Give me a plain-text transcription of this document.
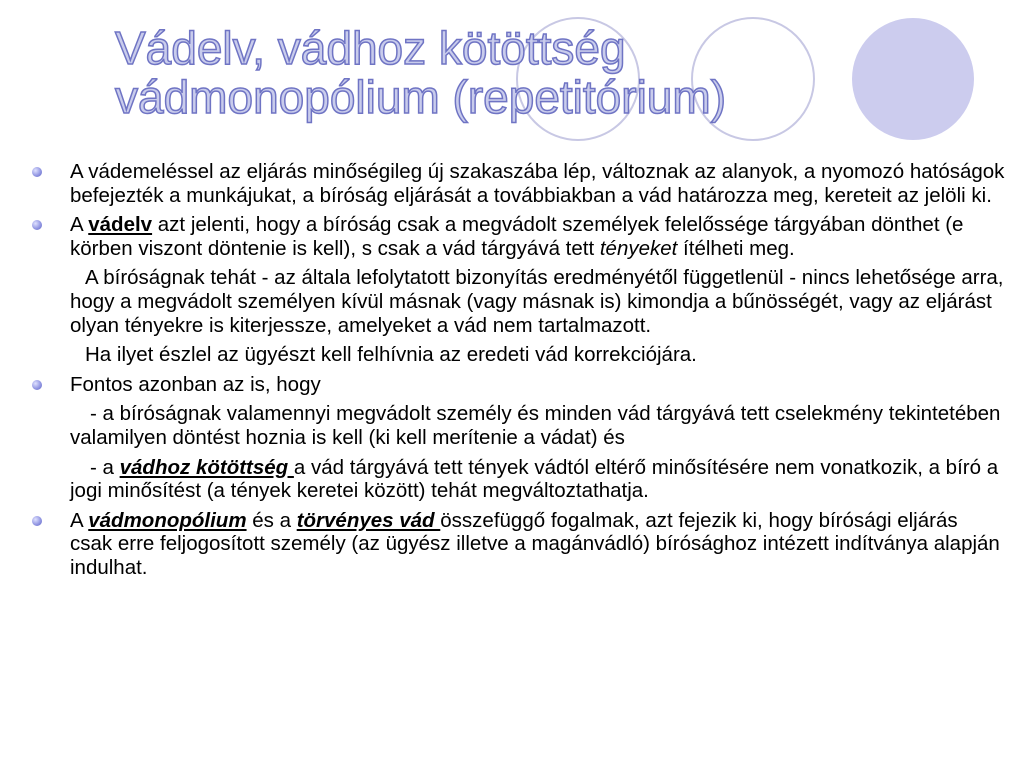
Vádelv, vádhoz kötöttség
vádmonopólium (repetitórium)

A vádemeléssel az eljárás minőségileg új szakaszába lép, változnak az alanyok, a nyomozó hatóságok befejezték a munkájukat, a bíróság eljárását a továbbiakban a vád határozza meg, kereteit az jelöli ki.

A vádelv azt jelenti, hogy a bíróság csak a megvádolt személyek felelőssége tárgyában dönthet (e körben viszont döntenie is kell), s csak a vád tárgyává tett tényeket ítélheti meg.

A bíróságnak tehát - az általa lefolytatott bizonyítás eredményétől függetlenül - nincs lehetősége arra, hogy a megvádolt személyen kívül másnak (vagy másnak is) kimondja a bűnösségét, vagy az eljárást olyan tényekre is kiterjessze, amelyeket a vád nem tartalmazott.

Ha ilyet észlel az ügyészt kell felhívnia az eredeti vád korrekciójára.

Fontos azonban az is, hogy

- a bíróságnak valamennyi megvádolt személy és minden vád tárgyává tett cselekmény tekintetében valamilyen döntést hoznia is kell (ki kell merítenie a vádat) és

- a vádhoz kötöttség a vád tárgyává tett tények vádtól eltérő minősítésére nem vonatkozik, a bíró a jogi minősítést (a tények keretei között) tehát megváltoztathatja.

A vádmonopólium és a törvényes vád összefüggő fogalmak, azt fejezik ki, hogy bírósági eljárás csak erre feljogosított személy (az ügyész illetve a magánvádló) bírósághoz intézett indítványa alapján indulhat.
